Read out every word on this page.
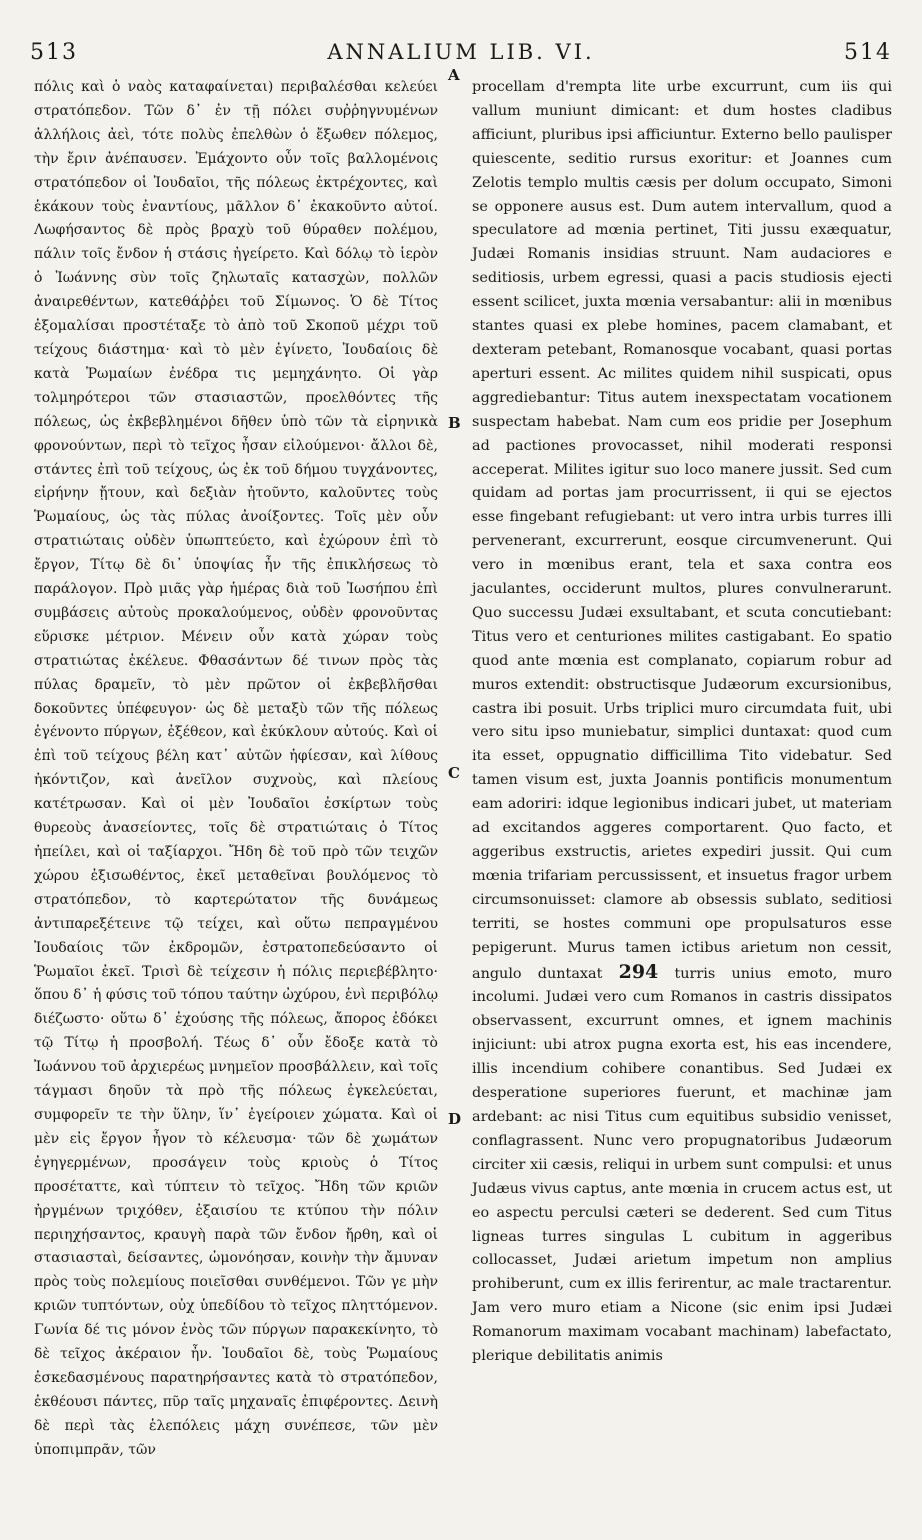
513	ANNALIUM LIB. VI.	514

πόλις καὶ ὁ ναὸς καταφαίνεται) περιβαλέσθαι κελεύει στρατόπεδον. Τῶν δ᾽ ἐν τῇ πόλει συῤῥηγνυμένων ἀλλήλοις ἀεὶ, τότε πολὺς ἐπελθὼν ὁ ἔξωθεν πόλεμος, τὴν ἔριν ἀνέπαυσεν. Ἐμάχοντο οὖν τοῖς βαλλομένοις στρατόπεδον οἱ Ἰουδαῖοι, τῆς πόλεως ἐκτρέχοντες, καὶ ἑκάκουν τοὺς ἐναντίους, μᾶλλον δ᾽ ἐκακοῦντο αὐτοί. Λωφήσαντος δὲ πρὸς βραχὺ τοῦ θύραθεν πολέμου, πάλιν τοῖς ἔνδον ἡ στάσις ἠγείρετο. Καὶ δόλῳ τὸ ἱερὸν ὁ Ἰωάννης σὺν τοῖς ζηλωταῖς κατασχὼν, πολλῶν ἀναιρεθέντων, κατεθάῤῥει τοῦ Σίμωνος. Ὁ δὲ Τίτος ἐξομαλίσαι προστέταξε τὸ ἀπὸ τοῦ Σκοποῦ μέχρι τοῦ τείχους διάστημα· καὶ τὸ μὲν ἐγίνετο, Ἰουδαίοις δὲ κατὰ Ῥωμαίων ἐνέδρα τις μεμηχάνητο. Οἱ γὰρ τολμηρότεροι τῶν στασιαστῶν, προελθόντες τῆς πόλεως, ὡς ἐκβεβλημένοι δῆθεν ὑπὸ τῶν τὰ εἰρηνικὰ φρονούντων, περὶ τὸ τεῖχος ἦσαν εἰλούμενοι· ἄλλοι δὲ, στάντες ἐπὶ τοῦ τείχους, ὡς ἐκ τοῦ δήμου τυγχάνοντες, εἰρήνην ᾔτουν, καὶ δεξιὰν ἠτοῦντο, καλοῦντες τοὺς Ῥωμαίους, ὡς τὰς πύλας ἀνοίξοντες. Τοῖς μὲν οὖν στρατιώταις οὐδὲν ὑπωπτεύετο, καὶ ἐχώρουν ἐπὶ τὸ ἔργον, Τίτῳ δὲ δι᾽ ὑποψίας ἦν τῆς ἐπικλήσεως τὸ παράλογον. Πρὸ μιᾶς γὰρ ἡμέρας διὰ τοῦ Ἰωσήπου ἐπὶ συμβάσεις αὐτοὺς προκαλούμενος, οὐδὲν φρονοῦντας εὕρισκε μέτριον. Μένειν οὖν κατὰ χώραν τοὺς στρατιώτας ἐκέλευε. Φθασάντων δέ τινων πρὸς τὰς πύλας δραμεῖν, τὸ μὲν πρῶτον οἱ ἐκβεβλῆσθαι δοκοῦντες ὑπέφευγον· ὡς δὲ μεταξὺ τῶν τῆς πόλεως ἐγένοντο πύργων, ἐξέθεον, καὶ ἐκύκλουν αὐτούς. Καὶ οἱ ἐπὶ τοῦ τείχους βέλη κατ᾽ αὐτῶν ἠφίεσαν, καὶ λίθους ἠκόντιζον, καὶ ἀνεῖλον συχνοὺς, καὶ πλείους κατέτρωσαν. Καὶ οἱ μὲν Ἰουδαῖοι ἐσκίρτων τοὺς θυρεοὺς ἀνασείοντες, τοῖς δὲ στρατιώταις ὁ Τίτος ἠπείλει, καὶ οἱ ταξίαρχοι. Ἤδη δὲ τοῦ πρὸ τῶν τειχῶν χώρου ἐξισωθέντος, ἐκεῖ μεταθεῖναι βουλόμενος τὸ στρατόπεδον, τὸ καρτερώτατον τῆς δυνάμεως ἀντιπαρεξέτεινε τῷ τείχει, καὶ οὕτω πεπραγμένου Ἰουδαίοις τῶν ἐκδρομῶν, ἐστρατοπεδεύσαντο οἱ Ῥωμαῖοι ἐκεῖ. Τρισὶ δὲ τείχεσιν ἡ πόλις περιεβέβλητο· ὅπου δ᾽ ἡ φύσις τοῦ τόπου ταύτην ὠχύρου, ἑνὶ περιβόλῳ διέζωστο· οὕτω δ᾽ ἐχούσης τῆς πόλεως, ἄπορος ἐδόκει τῷ Τίτῳ ἡ προσβολή. Τέως δ᾽ οὖν ἔδοξε κατὰ τὸ Ἰωάννου τοῦ ἀρχιερέως μνημεῖον προσβάλλειν, καὶ τοῖς τάγμασι δηοῦν τὰ πρὸ τῆς πόλεως ἐγκελεύεται, συμφορεῖν τε τὴν ὕλην, ἵν᾽ ἐγείροιεν χώματα. Καὶ οἱ μὲν εἰς ἔργον ἦγον τὸ κέλευσμα· τῶν δὲ χωμάτων ἐγηγερμένων, προσάγειν τοὺς κριοὺς ὁ Τίτος προσέταττε, καὶ τύπτειν τὸ τεῖχος. Ἤδη τῶν κριῶν ἠργμένων τριχόθεν, ἐξαισίου τε κτύπου τὴν πόλιν περιηχήσαντος, κραυγὴ παρὰ τῶν ἔνδον ἤρθη, καὶ οἱ στασιασταὶ, δείσαντες, ὡμονόησαν, κοινὴν τὴν ἄμυναν πρὸς τοὺς πολεμίους ποιεῖσθαι συνθέμενοι. Τῶν γε μὴν κριῶν τυπτόντων, οὐχ ὑπεδίδου τὸ τεῖχος πληττόμενον. Γωνία δέ τις μόνον ἑνὸς τῶν πύργων παρακεκίνητο, τὸ δὲ τεῖχος ἀκέραιον ἦν. Ἰουδαῖοι δὲ, τοὺς Ῥωμαίους ἐσκεδασμένους παρατηρήσαντες κατὰ τὸ στρατόπεδον, ἐκθέουσι πάντες, πῦρ ταῖς μηχαναῖς ἐπιφέροντες. Δεινὴ δὲ περὶ τὰς ἑλεπόλεις μάχη συνέπεσε, τῶν μὲν ὑποπιμπρᾶν, τῶν

A
B
C
D

procellam d'rempta lite urbe excurrunt, cum iis qui vallum muniunt dimicant: et dum hostes cladibus afficiunt, pluribus ipsi afficiuntur. Externo bello paulisper quiescente, seditio rursus exoritur: et Joannes cum Zelotis templo multis cæsis per dolum occupato, Simoni se opponere ausus est. Dum autem intervallum, quod a speculatore ad mœnia pertinet, Titi jussu exæquatur, Judæi Romanis insidias struunt. Nam audaciores e seditiosis, urbem egressi, quasi a pacis studiosis ejecti essent scilicet, juxta mœnia versabantur: alii in mœnibus stantes quasi ex plebe homines, pacem clamabant, et dexteram petebant, Romanosque vocabant, quasi portas aperturi essent. Ac milites quidem nihil suspicati, opus aggrediebantur: Titus autem inexspectatam vocationem suspectam habebat. Nam cum eos pridie per Josephum ad pactiones provocasset, nihil moderati responsi acceperat. Milites igitur suo loco manere jussit. Sed cum quidam ad portas jam procurrissent, ii qui se ejectos esse fingebant refugiebant: ut vero intra urbis turres illi pervenerant, excurrerunt, eosque circumvenerunt. Qui vero in mœnibus erant, tela et saxa contra eos jaculantes, occiderunt multos, plures convulnerarunt. Quo successu Judæi exsultabant, et scuta concutiebant: Titus vero et centuriones milites castigabant. Eo spatio quod ante mœnia est complanato, copiarum robur ad muros extendit: obstructisque Judæorum excursionibus, castra ibi posuit. Urbs triplici muro circumdata fuit, ubi vero situ ipso muniebatur, simplici duntaxat: quod cum ita esset, oppugnatio difficillima Tito videbatur. Sed tamen visum est, juxta Joannis pontificis monumentum eam adoriri: idque legionibus indicari jubet, ut materiam ad excitandos aggeres comportarent. Quo facto, et aggeribus exstructis, arietes expediri jussit. Qui cum mœnia trifariam percussissent, et insuetus fragor urbem circumsonuisset: clamore ab obsessis sublato, seditiosi territi, se hostes communi ope propulsaturos esse pepigerunt. Murus tamen ictibus arietum non cessit, angulo duntaxat 294 turris unius emoto, muro incolumi. Judæi vero cum Romanos in castris dissipatos observassent, excurrunt omnes, et ignem machinis injiciunt: ubi atrox pugna exorta est, his eas incendere, illis incendium cohibere conantibus. Sed Judæi ex desperatione superiores fuerunt, et machinæ jam ardebant: ac nisi Titus cum equitibus subsidio venisset, conflagrassent. Nunc vero propugnatoribus Judæorum circiter xii cæsis, reliqui in urbem sunt compulsi: et unus Judæus vivus captus, ante mœnia in crucem actus est, ut eo aspectu perculsi cæteri se dederent. Sed cum Titus ligneas turres singulas L cubitum in aggeribus collocasset, Judæi arietum impetum non amplius prohiberunt, cum ex illis ferirentur, ac male tractarentur. Jam vero muro etiam a Nicone (sic enim ipsi Judæi Romanorum maximam vocabant machinam) labefactato, plerique debilitatis animis
